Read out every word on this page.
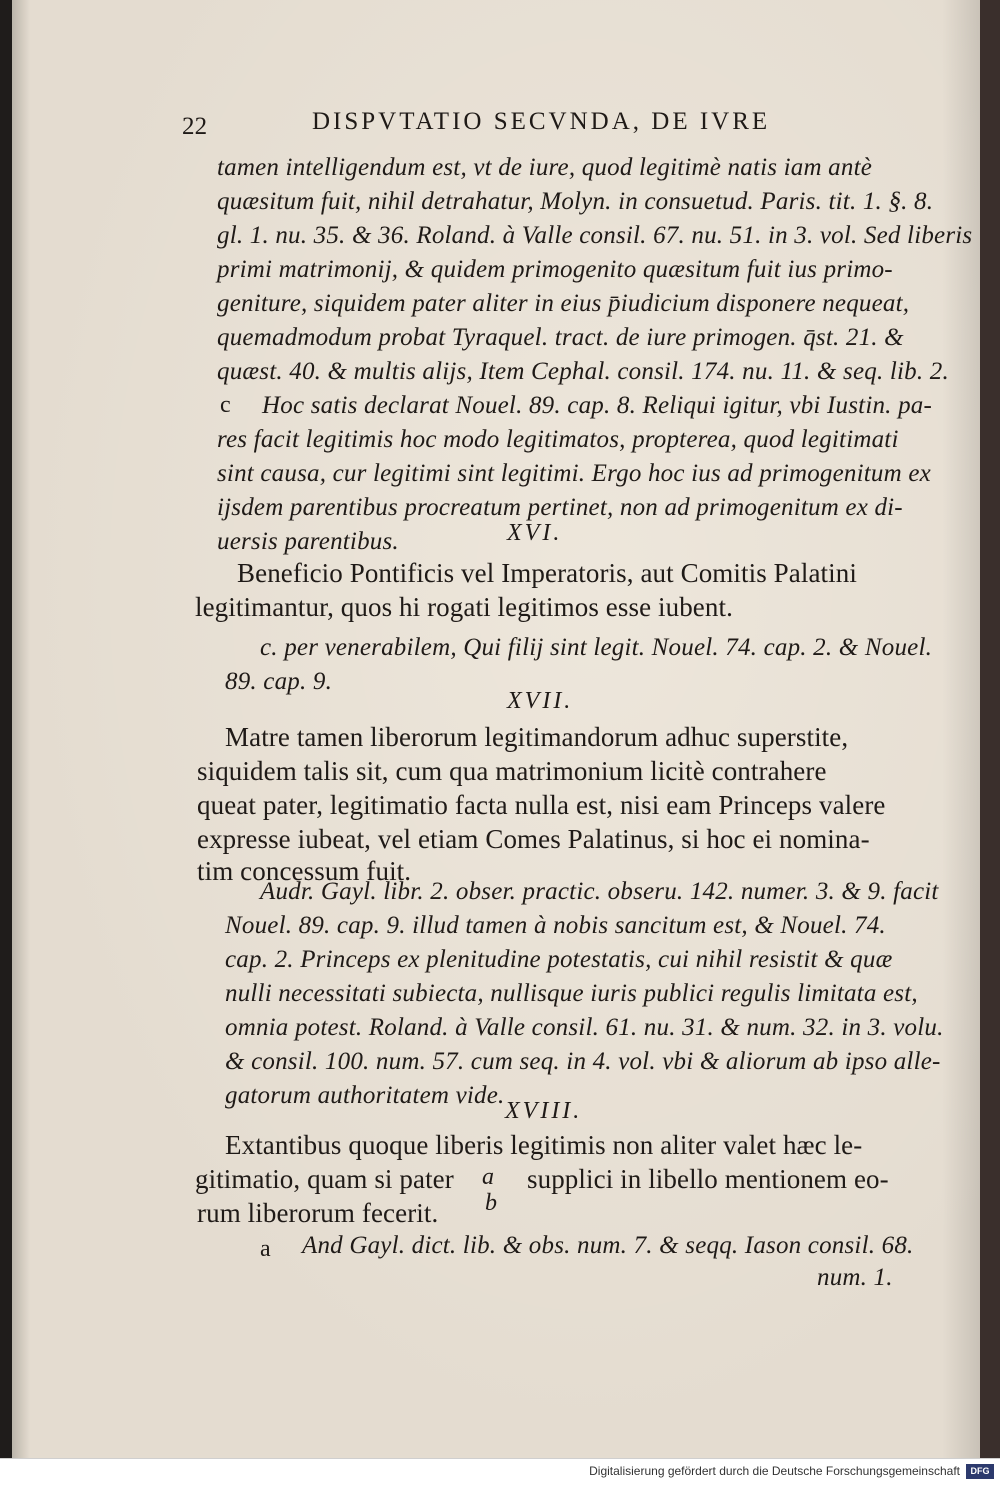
22	DISPVTATIO SECVNDA, DE IVRE
tamen intelligendum est, vt de iure, quod legitimè natis iam antè
quæsitum fuit, nihil detrahatur, Molyn. in consuetud. Paris. tit. 1. §. 8.
gl. 1. nu. 35. & 36. Roland. à Valle consil. 67. nu. 51. in 3. vol. Sed liberis
primi matrimonij, & quidem primogenito quæsitum fuit ius primo-
geniture, siquidem pater aliter in eius p̄iudicium disponere nequeat,
quemadmodum probat Tyraquel. tract. de iure primogen. q̄st. 21. &
quæst. 40. & multis alijs, Item Cephal. consil. 174. nu. 11. & seq. lib. 2.
c Hoc satis declarat Nouel. 89. cap. 8. Reliqui igitur, vbi Iustin. pa-
res facit legitimis hoc modo legitimatos, propterea, quod legitimati
sint causa, cur legitimi sint legitimi. Ergo hoc ius ad primogenitum ex
ijsdem parentibus procreatum pertinet, non ad primogenitum ex di-
uersis parentibus.	XVI.
Beneficio Pontificis vel Imperatoris, aut Comitis Palatini
legitimantur, quos hi rogati legitimos esse iubent.
c. per venerabilem, Qui filij sint legit. Nouel. 74. cap. 2. & Nouel.
89. cap. 9.
XVII.
Matre tamen liberorum legitimandorum adhuc superstite,
siquidem talis sit, cum qua matrimonium licitè contrahere
queat pater, legitimatio facta nulla est, nisi eam Princeps valere
expresse iubeat, vel etiam Comes Palatinus, si hoc ei nomina-
tim concessum fuit.
Audr. Gayl. libr. 2. obser. practic. obseru. 142. numer. 3. & 9. facit
Nouel. 89. cap. 9. illud tamen à nobis sancitum est, & Nouel. 74.
cap. 2. Princeps ex plenitudine potestatis, cui nihil resistit & quæ
nulli necessitati subiecta, nullisque iuris publici regulis limitata est,
omnia potest. Roland. à Valle consil. 61. nu. 31. & num. 32. in 3. volu.
& consil. 100. num. 57. cum seq. in 4. vol. vbi & aliorum ab ipso alle-
gatorum authoritatem vide.
XVIII.
Extantibus quoque liberis legitimis non aliter valet hæc le-
gitimatio, quam si pater a supplici in libello mentionem eo-
rum liberorum fecerit. b
a And Gayl. dict. lib. & obs. num. 7. & seqq. Iason consil. 68.
num. 1.
Digitalisierung gefördert durch die Deutsche Forschungsgemeinschaft	DFG
